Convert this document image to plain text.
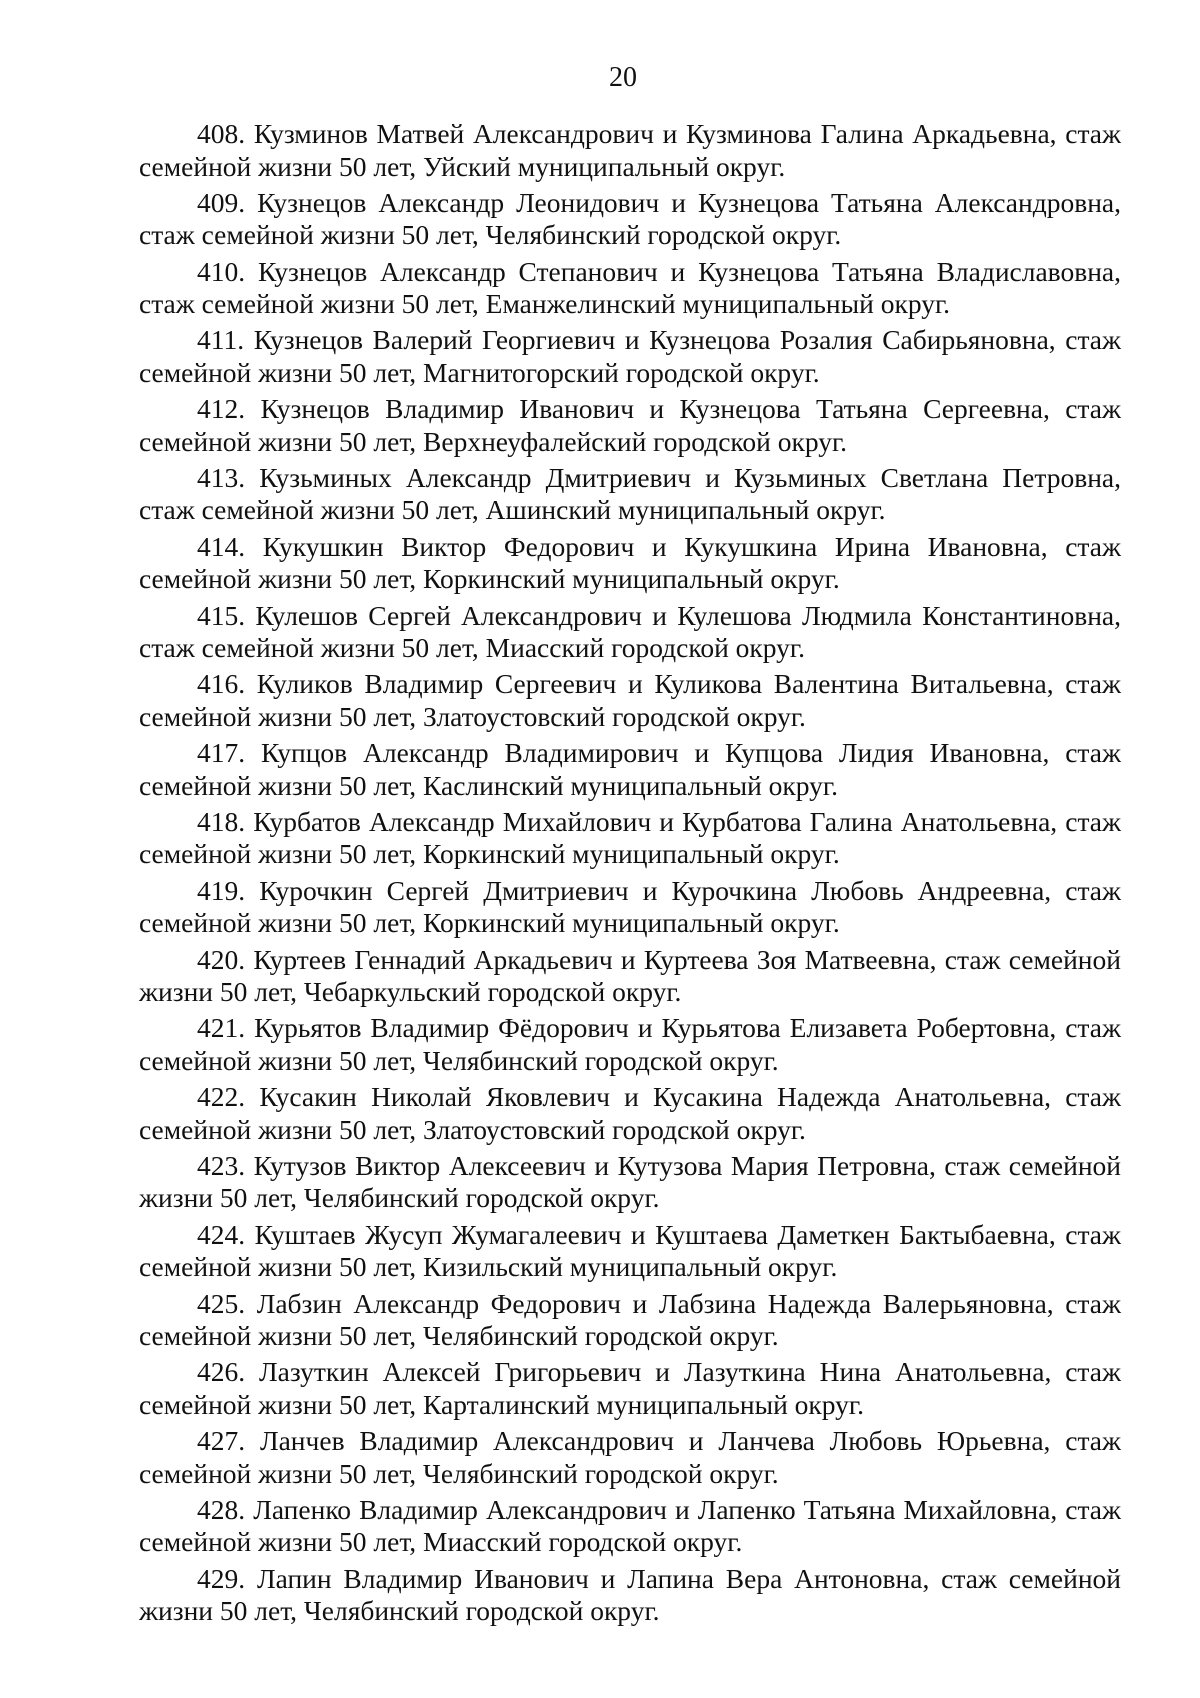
20

408. Кузминов Матвей Александрович и Кузминова Галина Аркадьевна, стаж семейной жизни 50 лет, Уйский муниципальный округ.

409. Кузнецов Александр Леонидович и Кузнецова Татьяна Александровна, стаж семейной жизни 50 лет, Челябинский городской округ.

410. Кузнецов Александр Степанович и Кузнецова Татьяна Владиславовна, стаж семейной жизни 50 лет, Еманжелинский муниципальный округ.

411. Кузнецов Валерий Георгиевич и Кузнецова Розалия Сабирьяновна, стаж семейной жизни 50 лет, Магнитогорский городской округ.

412. Кузнецов Владимир Иванович и Кузнецова Татьяна Сергеевна, стаж семейной жизни 50 лет, Верхнеуфалейский городской округ.

413. Кузьминых Александр Дмитриевич и Кузьминых Светлана Петровна, стаж семейной жизни 50 лет, Ашинский муниципальный округ.

414. Кукушкин Виктор Федорович и Кукушкина Ирина Ивановна, стаж семейной жизни 50 лет, Коркинский муниципальный округ.

415. Кулешов Сергей Александрович и Кулешова Людмила Константиновна, стаж семейной жизни 50 лет, Миасский городской округ.

416. Куликов Владимир Сергеевич и Куликова Валентина Витальевна, стаж семейной жизни 50 лет, Златоустовский городской округ.

417. Купцов Александр Владимирович и Купцова Лидия Ивановна, стаж семейной жизни 50 лет, Каслинский муниципальный округ.

418. Курбатов Александр Михайлович и Курбатова Галина Анатольевна, стаж семейной жизни 50 лет, Коркинский муниципальный округ.

419. Курочкин Сергей Дмитриевич и Курочкина Любовь Андреевна, стаж семейной жизни 50 лет, Коркинский муниципальный округ.

420. Куртеев Геннадий Аркадьевич и Куртеева Зоя Матвеевна, стаж семейной жизни 50 лет, Чебаркульский городской округ.

421. Курьятов Владимир Фёдорович и Курьятова Елизавета Робертовна, стаж семейной жизни 50 лет, Челябинский городской округ.

422. Кусакин Николай Яковлевич и Кусакина Надежда Анатольевна, стаж семейной жизни 50 лет, Златоустовский городской округ.

423. Кутузов Виктор Алексеевич и Кутузова Мария Петровна, стаж семейной жизни 50 лет, Челябинский городской округ.

424. Куштаев Жусуп Жумагалеевич и Куштаева Даметкен Бактыбаевна, стаж семейной жизни 50 лет, Кизильский муниципальный округ.

425. Лабзин Александр Федорович и Лабзина Надежда Валерьяновна, стаж семейной жизни 50 лет, Челябинский городской округ.

426. Лазуткин Алексей Григорьевич и Лазуткина Нина Анатольевна, стаж семейной жизни 50 лет, Карталинский муниципальный округ.

427. Ланчев Владимир Александрович и Ланчева Любовь Юрьевна, стаж семейной жизни 50 лет, Челябинский городской округ.

428. Лапенко Владимир Александрович и Лапенко Татьяна Михайловна, стаж семейной жизни 50 лет, Миасский городской округ.

429. Лапин Владимир Иванович и Лапина Вера Антоновна, стаж семейной жизни 50 лет, Челябинский городской округ.
